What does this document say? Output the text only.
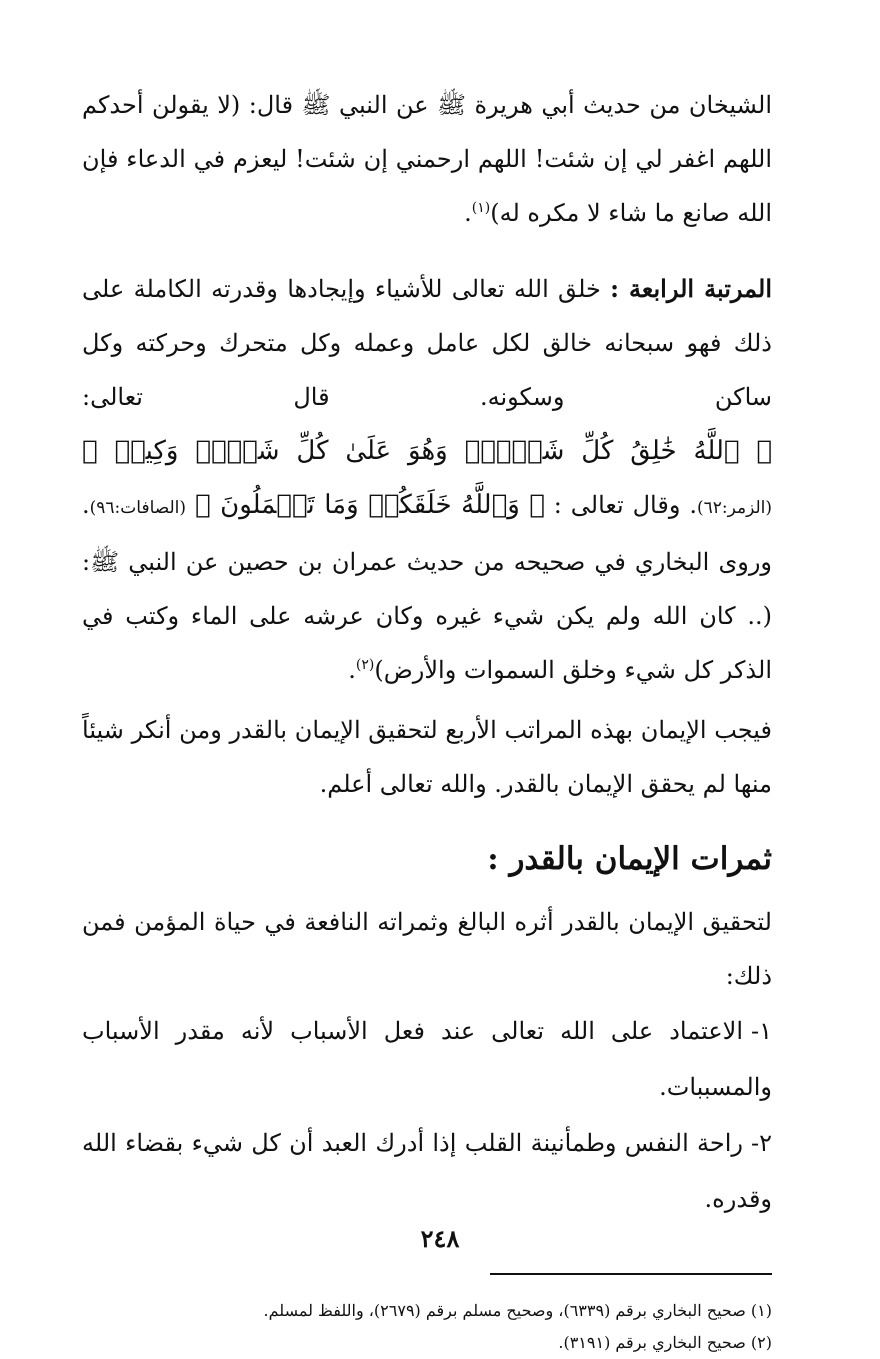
الشيخان من حديث أبي هريرة ﷺ عن النبي ﷺ قال: (لا يقولن أحدكم اللهم اغفر لي إن شئت! اللهم ارحمني إن شئت! ليعزم في الدعاء فإن الله صانع ما شاء لا مكره له)$^{(١)}$.

المرتبة الرابعة : خلق الله تعالى للأشياء وإيجادها وقدرته الكاملة على ذلك فهو سبحانه خالق لكل عامل وعمله وكل متحرك وحركته وكل ساكن وسكونه. قال تعالى: ﴿ ٱللَّهُ خَٰلِقُ كُلِّ شَيۡءٖۖ وَهُوَ عَلَىٰ كُلِّ شَيۡءٖ وَكِيلٞ ﴾ (الزمر:٦٢). وقال تعالى : ﴿ وَٱللَّهُ خَلَقَكُمۡ وَمَا تَعۡمَلُونَ ﴾ (الصافات:٩٦). وروى البخاري في صحيحه من حديث عمران بن حصين عن النبي ﷺ: (.. كان الله ولم يكن شيء غيره وكان عرشه على الماء وكتب في الذكر كل شيء وخلق السموات والأرض)$^{(٢)}$.

فيجب الإيمان بهذه المراتب الأربع لتحقيق الإيمان بالقدر ومن أنكر شيئاً منها لم يحقق الإيمان بالقدر. والله تعالى أعلم.

ثمرات الإيمان بالقدر :

لتحقيق الإيمان بالقدر أثره البالغ وثمراته النافعة في حياة المؤمن فمن ذلك:

١-الاعتماد على الله تعالى عند فعل الأسباب لأنه مقدر الأسباب والمسببات.

٢-راحة النفس وطمأنينة القلب إذا أدرك العبد أن كل شيء بقضاء الله وقدره.

(١) صحيح البخاري برقم (٦٣٣٩)، وصحيح مسلم برقم (٢٦٧٩)، واللفظ لمسلم.

(٢) صحيح البخاري برقم (٣١٩١).

٢٤٨
